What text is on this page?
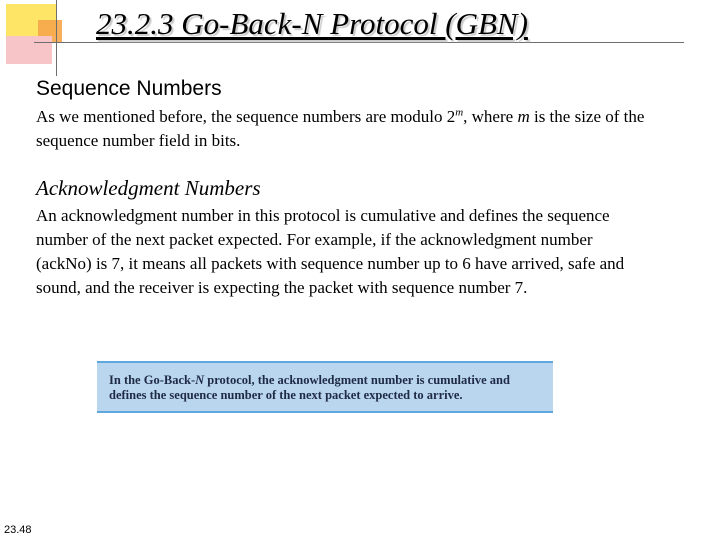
23.2.3 Go-Back-N Protocol (GBN)
Sequence Numbers

As we mentioned before, the sequence numbers are modulo 2$^m$, where m is the size of the sequence number field in bits.

Acknowledgment Numbers

An acknowledgment number in this protocol is cumulative and defines the sequence number of the next packet expected. For example, if the acknowledgment number (ackNo) is 7, it means all packets with sequence number up to 6 have arrived, safe and sound, and the receiver is expecting the packet with sequence number 7.

In the Go-Back-N protocol, the acknowledgment number is cumulative and defines the sequence number of the next packet expected to arrive.

23.48
